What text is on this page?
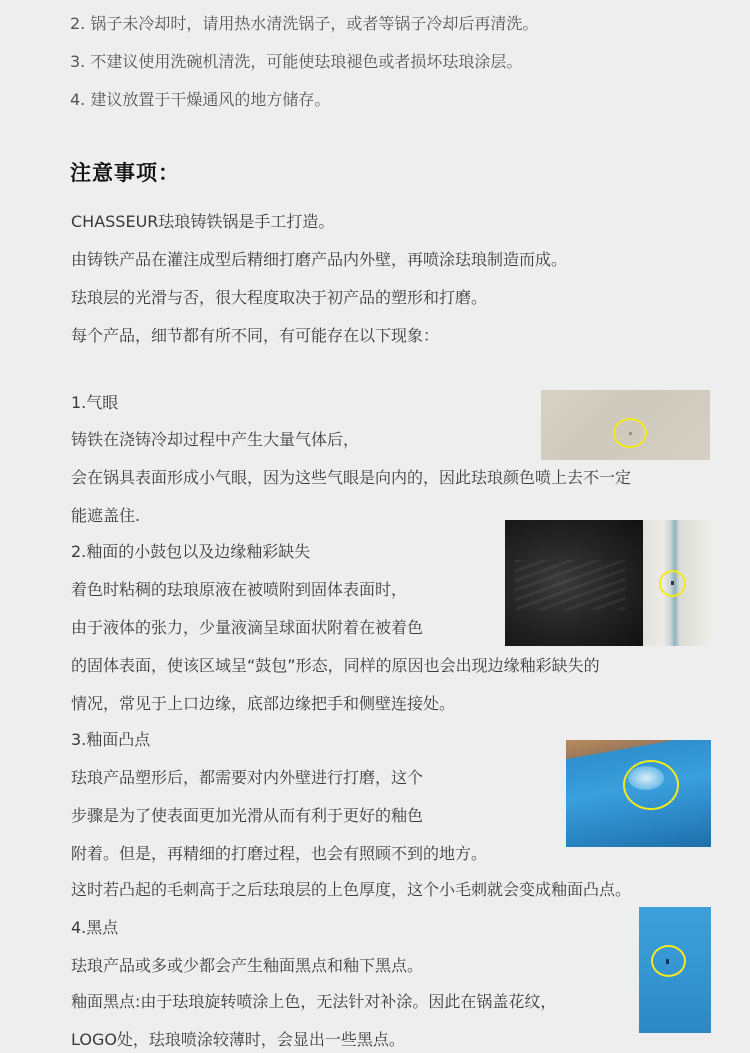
2. 锅子未冷却时，请用热水清洗锅子，或者等锅子冷却后再清洗。
3. 不建议使用洗碗机清洗，可能使珐琅褪色或者损坏珐琅涂层。
4. 建议放置于干燥通风的地方储存。
注意事项：
CHASSEUR珐琅铸铁锅是手工打造。
由铸铁产品在灌注成型后精细打磨产品内外壁，再喷涂珐琅制造而成。
珐琅层的光滑与否，很大程度取决于初产品的塑形和打磨。
每个产品，细节都有所不同，有可能存在以下现象：
1.气眼
铸铁在浇铸冷却过程中产生大量气体后，
会在锅具表面形成小气眼，因为这些气眼是向内的，因此珐琅颜色喷上去不一定
能遮盖住.
2.釉面的小鼓包以及边缘釉彩缺失
着色时粘稠的珐琅原液在被喷附到固体表面时，
由于液体的张力，少量液滴呈球面状附着在被着色
的固体表面，使该区域呈“鼓包”形态，同样的原因也会出现边缘釉彩缺失的
情况，常见于上口边缘，底部边缘把手和侧壁连接处。
3.釉面凸点
珐琅产品塑形后，都需要对内外壁进行打磨，这个
步骤是为了使表面更加光滑从而有利于更好的釉色
附着。但是，再精细的打磨过程，也会有照顾不到的地方。
这时若凸起的毛刺高于之后珐琅层的上色厚度，这个小毛刺就会变成釉面凸点。
4.黑点
珐琅产品或多或少都会产生釉面黑点和釉下黑点。
釉面黑点:由于珐琅旋转喷涂上色，无法针对补涂。因此在锅盖花纹，
LOGO处，珐琅喷涂较薄时，会显出一些黑点。
